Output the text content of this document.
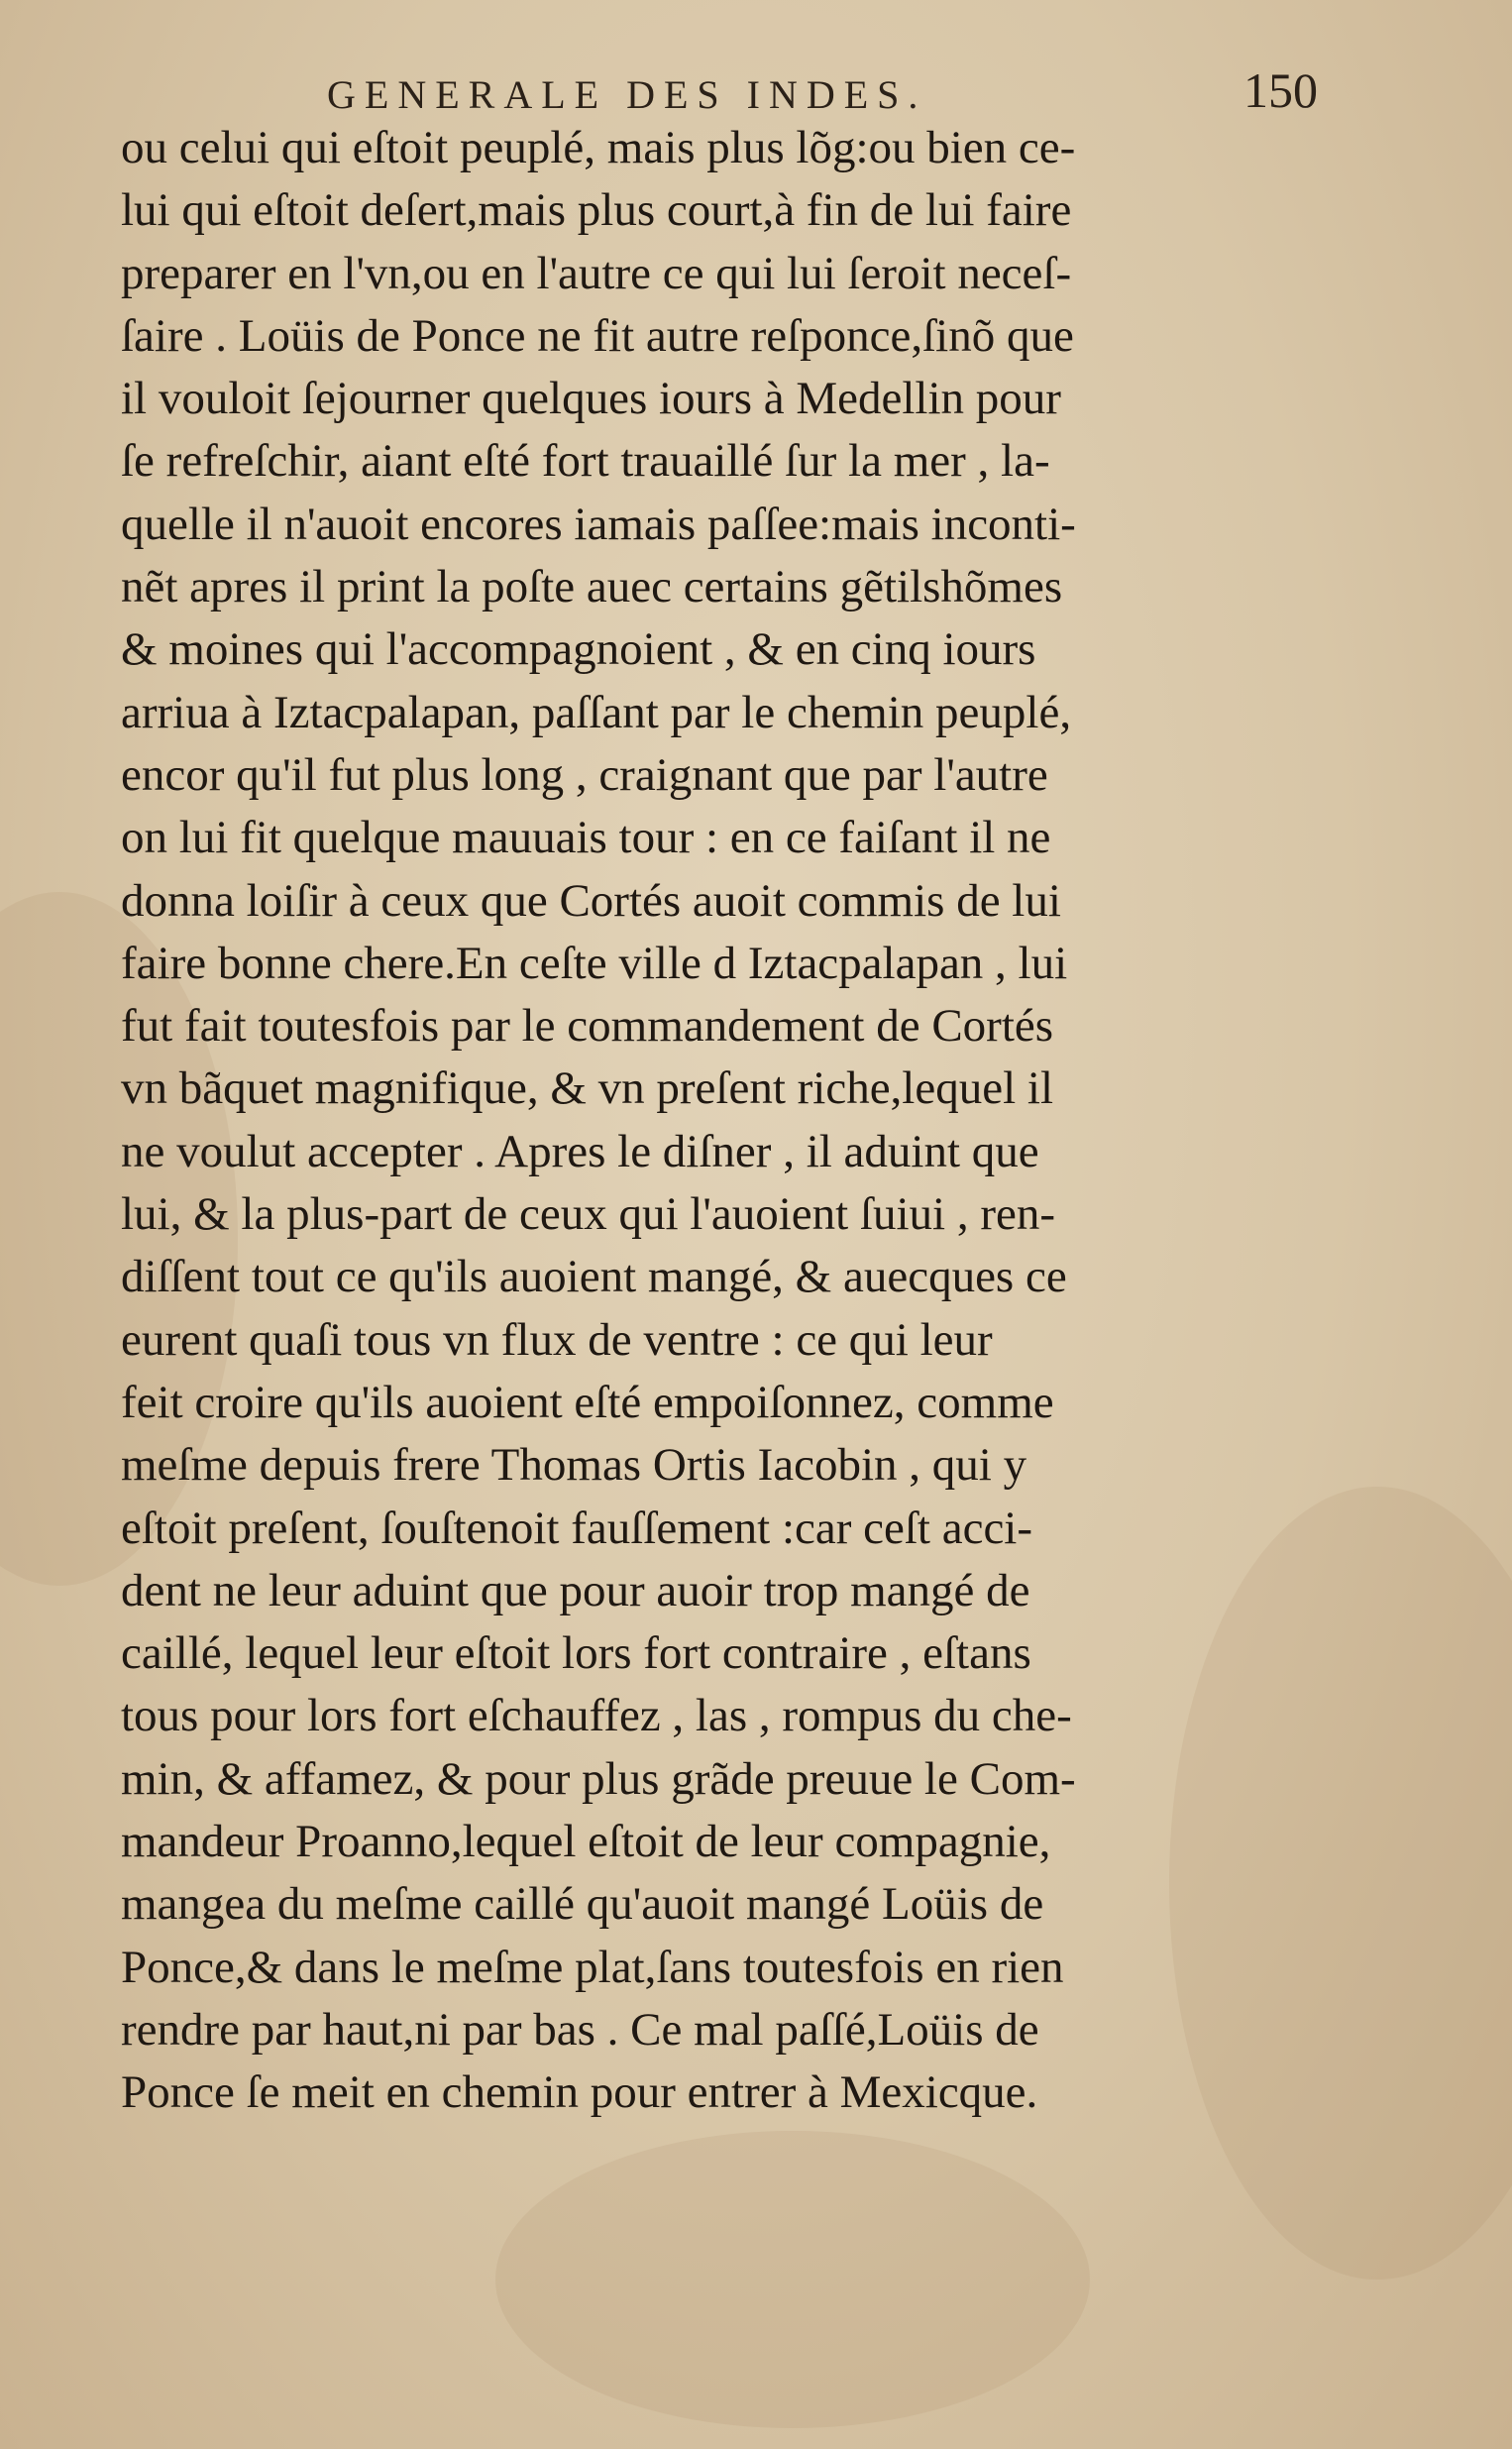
GENERALE DES INDES.	150
ou celui qui eſtoit peuplé, mais plus lõg:ou bien ce-
lui qui eſtoit deſert,mais plus court,à fin de lui faire
preparer en l'vn,ou en l'autre ce qui lui ſeroit neceſ-
ſaire . Loüis de Ponce ne fit autre reſponce,ſinõ que
il vouloit ſejourner quelques iours à Medellin pour
ſe refreſchir, aiant eſté fort trauaillé ſur la mer , la-
quelle il n'auoit encores iamais paſſee:mais inconti-
nẽt apres il print la poſte auec certains gẽtilshõmes
& moines qui l'accompagnoient , & en cinq iours
arriua à Iztacpalapan, paſſant par le chemin peuplé,
encor qu'il fut plus long , craignant que par l'autre
on lui fit quelque mauuais tour : en ce faiſant il ne
donna loiſir à ceux que Cortés auoit commis de lui
faire bonne chere.En ceſte ville d Iztacpalapan , lui
fut fait toutesfois par le commandement de Cortés
vn bãquet magnifique, & vn preſent riche,lequel il
ne voulut accepter . Apres le diſner , il aduint que
lui, & la plus-part de ceux qui l'auoient ſuiui , ren-
diſſent tout ce qu'ils auoient mangé, & auecques ce
eurent quaſi tous vn flux de ventre : ce qui leur
feit croire qu'ils auoient eſté empoiſonnez, comme
meſme depuis frere Thomas Ortis Iacobin , qui y
eſtoit preſent, ſouſtenoit fauſſement :car ceſt acci-
dent ne leur aduint que pour auoir trop mangé de
caillé, lequel leur eſtoit lors fort contraire , eſtans
tous pour lors fort eſchauffez , las , rompus du che-
min, & affamez, & pour plus grãde preuue le Com-
mandeur Proanno,lequel eſtoit de leur compagnie,
mangea du meſme caillé qu'auoit mangé Loüis de
Ponce,& dans le meſme plat,ſans toutesfois en rien
rendre par haut,ni par bas . Ce mal paſſé,Loüis de
Ponce ſe meit en chemin pour entrer à Mexicque.
